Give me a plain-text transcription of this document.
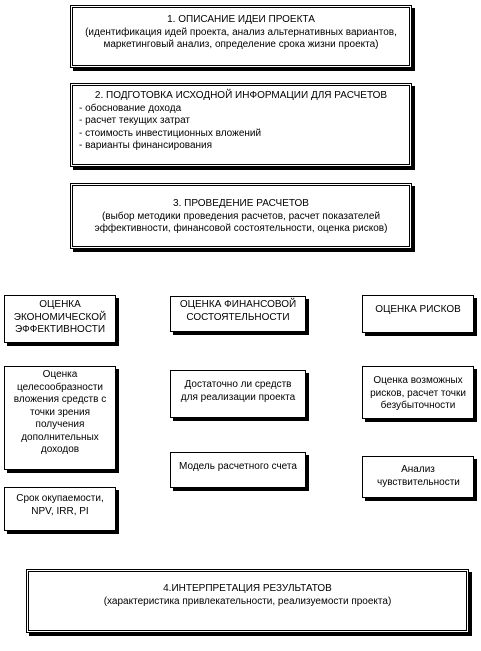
1. ОПИСАНИЕ ИДЕИ ПРОЕКТА
(идентификация идей проекта, анализ альтернативных вариантов, маркетинговый анализ, определение срока жизни проекта)
2. ПОДГОТОВКА ИСХОДНОЙ ИНФОРМАЦИИ ДЛЯ РАСЧЕТОВ
- обоснование дохода
- расчет текущих затрат
- стоимость инвестиционных вложений
- варианты финансирования
3. ПРОВЕДЕНИЕ РАСЧЕТОВ
(выбор методики проведения расчетов, расчет показателей эффективности, финансовой состоятельности, оценка рисков)
ОЦЕНКА ЭКОНОМИЧЕСКОЙ ЭФФЕКТИВНОСТИ
Оценка целесообразности вложения средств с точки зрения получения дополнительных доходов
Срок окупаемости, NPV, IRR, PI
ОЦЕНКА ФИНАНСОВОЙ СОСТОЯТЕЛЬНОСТИ
Достаточно ли средств для реализации проекта
Модель расчетного счета
ОЦЕНКА РИСКОВ
Оценка возможных рисков, расчет точки безубыточности
Анализ чувствительности
4.ИНТЕРПРЕТАЦИЯ РЕЗУЛЬТАТОВ
(характеристика привлекательности, реализуемости проекта)
